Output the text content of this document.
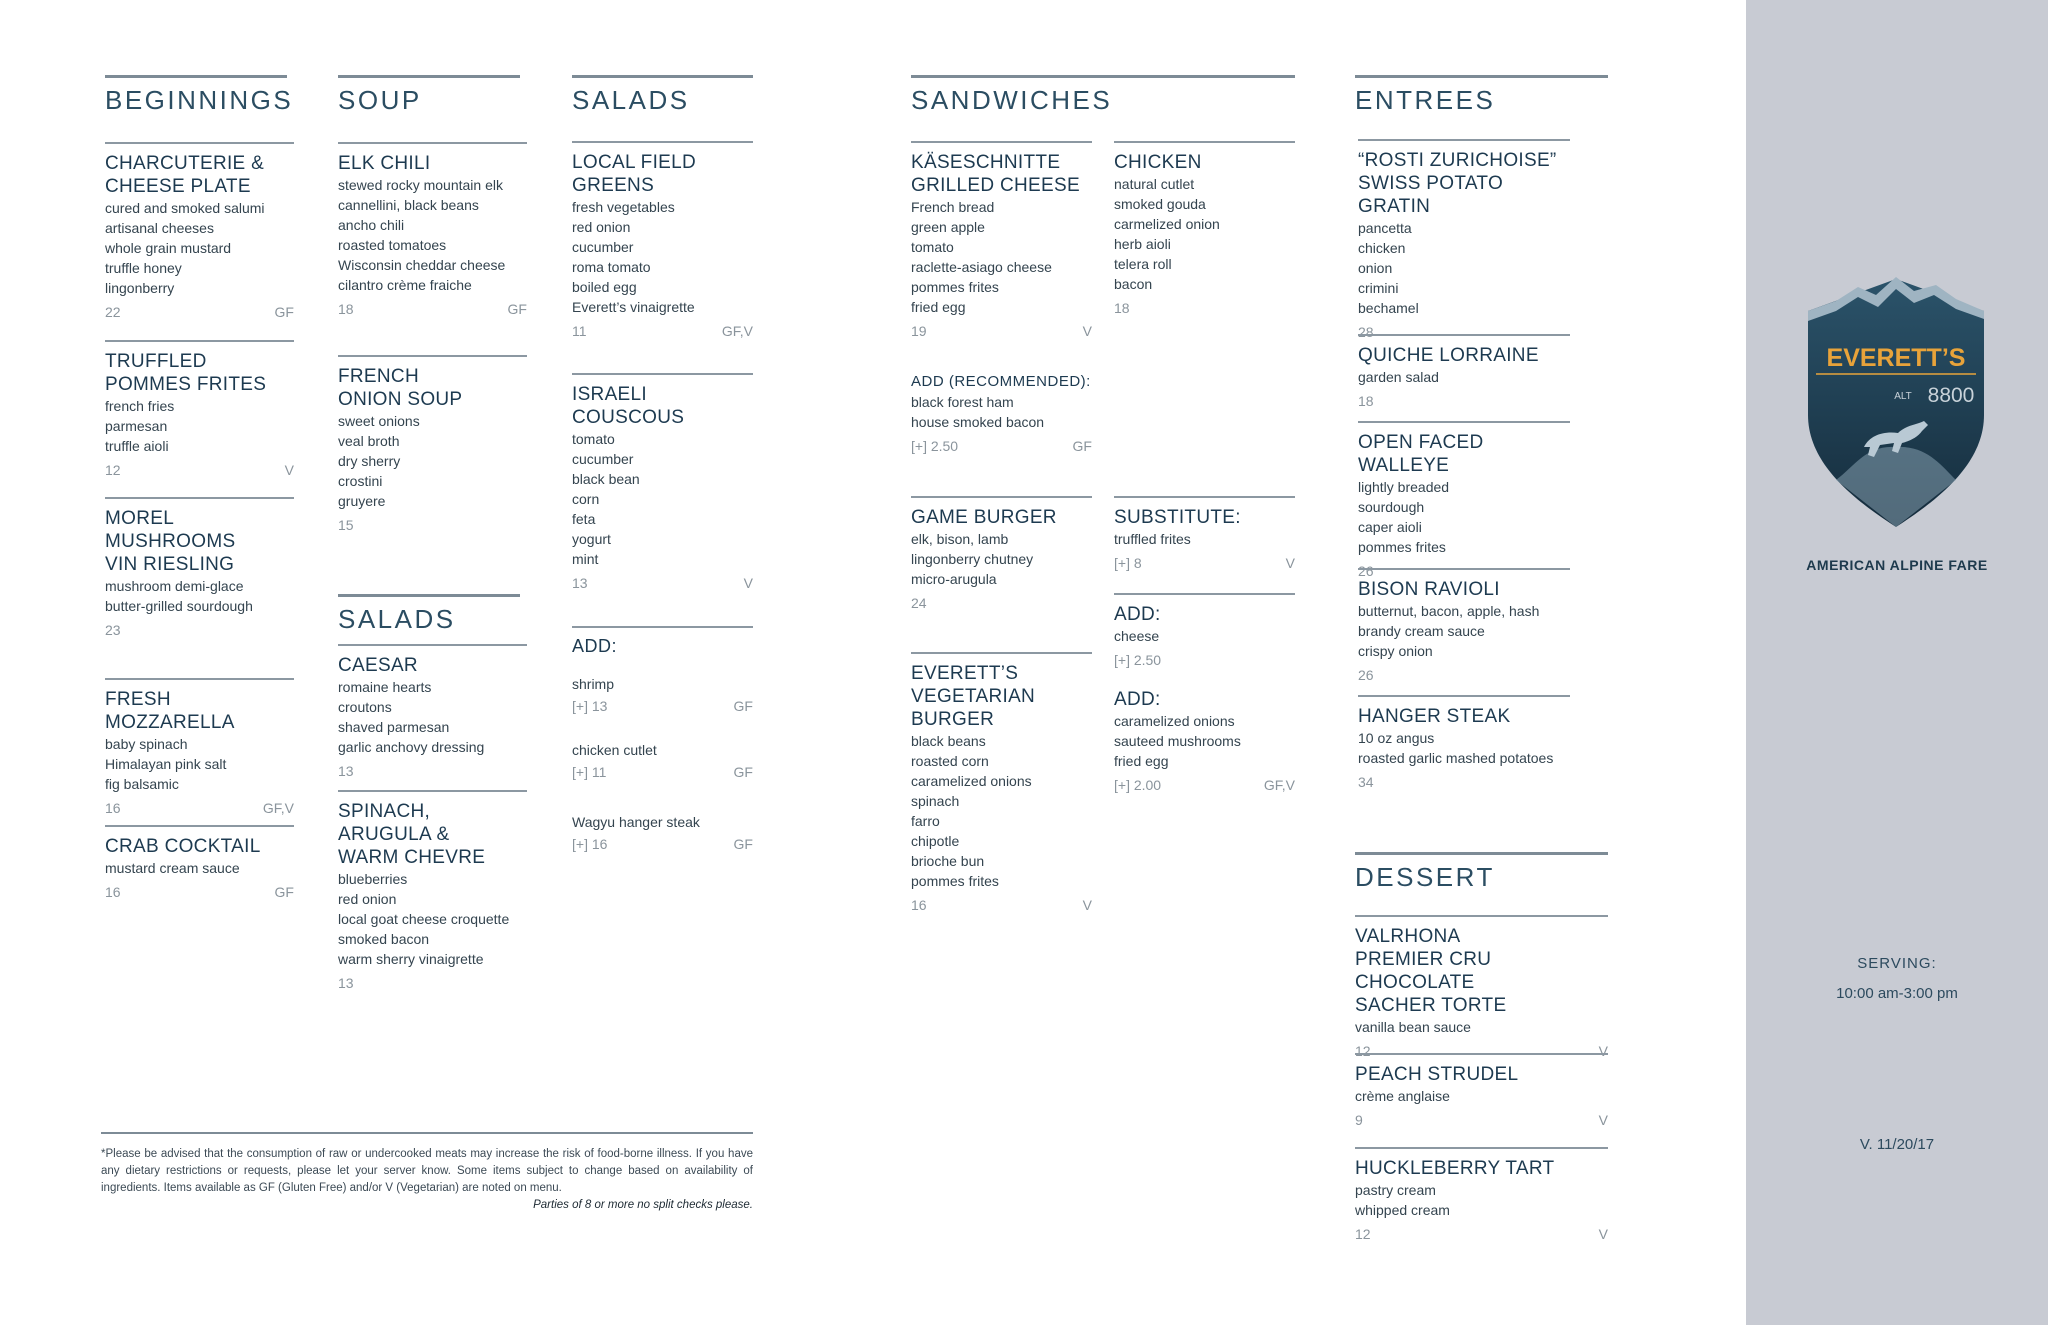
BEGINNINGS SOUP	SALADS	SANDWICHES	ENTREES
SALADS
DESSERT
CHARCUTERIE &
CHEESE PLATE
cured and smoked salumi
artisanal cheeses
whole grain mustard
truffle honey
lingonberry
22	GF
TRUFFLED
POMMES FRITES
french fries
parmesan
truffle aioli
12	V
MOREL
MUSHROOMS
VIN RIESLING
mushroom demi-glace
butter-grilled sourdough
23
FRESH
MOZZARELLA
baby spinach
Himalayan pink salt
fig balsamic
16	GF,V
CRAB COCKTAIL
mustard cream sauce
16	GF
ELK CHILI
stewed rocky mountain elk
cannellini, black beans
ancho chili
roasted tomatoes
Wisconsin cheddar cheese
cilantro crème fraiche
18	GF
FRENCH
ONION SOUP
sweet onions
veal broth
dry sherry
crostini
gruyere
15
CAESAR
romaine hearts
croutons
shaved parmesan
garlic anchovy dressing
13
SPINACH,
ARUGULA &
WARM CHEVRE
blueberries
red onion
local goat cheese croquette
smoked bacon
warm sherry vinaigrette
13
LOCAL FIELD
GREENS
fresh vegetables
red onion
cucumber
roma tomato
boiled egg
Everett’s vinaigrette
11	GF,V
ISRAELI
COUSCOUS
tomato
cucumber
black bean
corn
feta
yogurt
mint
13	V
KÄSESCHNITTE
GRILLED CHEESE
French bread
green apple
tomato
raclette-asiago cheese
pommes frites
fried egg
19	V
CHICKEN
natural cutlet
smoked gouda
carmelized onion
herb aioli
telera roll
bacon
18
GAME BURGER
elk, bison, lamb
lingonberry chutney
micro-arugula
24
EVERETT’S
VEGETARIAN
BURGER
black beans
roasted corn
caramelized onions
spinach
farro
chipotle
brioche bun
pommes frites
16	V
“ROSTI ZURICHOISE”
SWISS POTATO GRATIN
pancetta
chicken
onion
crimini
bechamel
28
QUICHE LORRAINE
garden salad
18
OPEN FACED WALLEYE
lightly breaded
sourdough
caper aioli
pommes frites
26
BISON RAVIOLI
butternut, bacon, apple, hash
brandy cream sauce
crispy onion
26
HANGER STEAK
10 oz angus
roasted garlic mashed potatoes
34
VALRHONA
PREMIER CRU CHOCOLATE
SACHER TORTE
vanilla bean sauce
12	V
PEACH STRUDEL
crème anglaise
9	V
HUCKLEBERRY TART
pastry cream
whipped cream
12	V
ADD:
shrimp
[+] 13	GF
chicken cutlet
[+] 11	GF
Wagyu hanger steak
[+] 16	GF
ADD (RECOMMENDED):
black forest ham
house smoked bacon
[+] 2.50	GF
SUBSTITUTE:
truffled frites
[+] 8	V
ADD:
cheese
[+] 2.50
ADD:
caramelized onions
sauteed mushrooms
fried egg
[+] 2.00	GF,V
*Please be advised that the consumption of raw or undercooked meats may increase the risk of food-borne illness. If you have any dietary restrictions or requests, please let your server know. Some items subject to change based on availability of ingredients. Items available as GF (Gluten Free) and/or V (Vegetarian) are noted on menu.
Parties of 8 or more no split checks please.
EVERETT’S
ALT 8800
AMERICAN ALPINE FARE
SERVING:
10:00 am-3:00 pm
V. 11/20/17
